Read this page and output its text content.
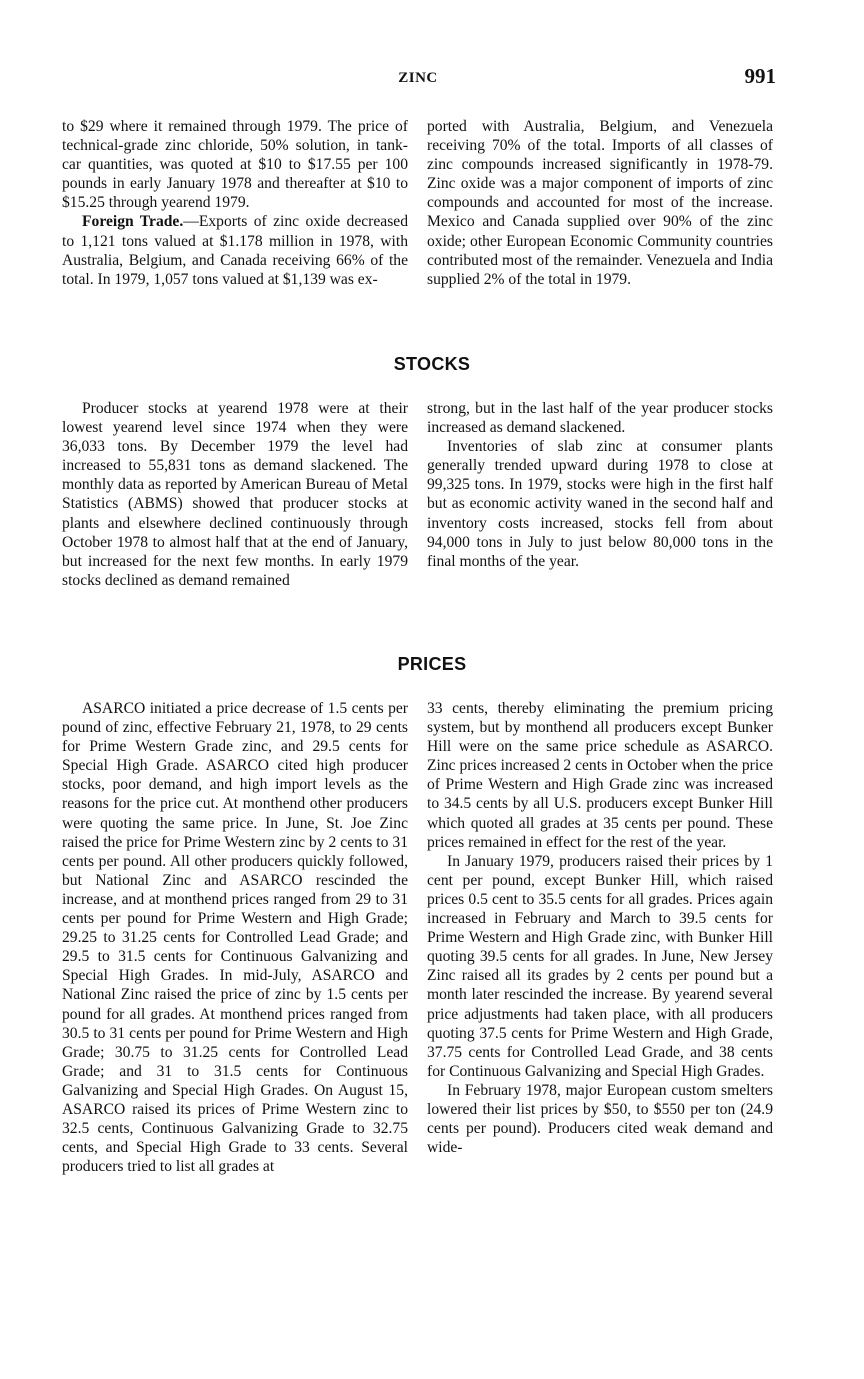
ZINC	991

to $29 where it remained through 1979. The price of technical-grade zinc chloride, 50% solution, in tank-car quantities, was quoted at $10 to $17.55 per 100 pounds in early January 1978 and thereafter at $10 to $15.25 through yearend 1979.

Foreign Trade.—Exports of zinc oxide decreased to 1,121 tons valued at $1.178 million in 1978, with Australia, Belgium, and Canada receiving 66% of the total. In 1979, 1,057 tons valued at $1,139 was ex-

ported with Australia, Belgium, and Venezuela receiving 70% of the total. Imports of all classes of zinc compounds increased significantly in 1978-79. Zinc oxide was a major component of imports of zinc compounds and accounted for most of the increase. Mexico and Canada supplied over 90% of the zinc oxide; other European Economic Community countries contributed most of the remainder. Venezuela and India supplied 2% of the total in 1979.

STOCKS

Producer stocks at yearend 1978 were at their lowest yearend level since 1974 when they were 36,033 tons. By December 1979 the level had increased to 55,831 tons as demand slackened. The monthly data as reported by American Bureau of Metal Statistics (ABMS) showed that producer stocks at plants and elsewhere declined continuously through October 1978 to almost half that at the end of January, but increased for the next few months. In early 1979 stocks declined as demand remained

strong, but in the last half of the year producer stocks increased as demand slackened.

Inventories of slab zinc at consumer plants generally trended upward during 1978 to close at 99,325 tons. In 1979, stocks were high in the first half but as economic activity waned in the second half and inventory costs increased, stocks fell from about 94,000 tons in July to just below 80,000 tons in the final months of the year.

PRICES

ASARCO initiated a price decrease of 1.5 cents per pound of zinc, effective February 21, 1978, to 29 cents for Prime Western Grade zinc, and 29.5 cents for Special High Grade. ASARCO cited high producer stocks, poor demand, and high import levels as the reasons for the price cut. At monthend other producers were quoting the same price. In June, St. Joe Zinc raised the price for Prime Western zinc by 2 cents to 31 cents per pound. All other producers quickly followed, but National Zinc and ASARCO rescinded the increase, and at monthend prices ranged from 29 to 31 cents per pound for Prime Western and High Grade; 29.25 to 31.25 cents for Controlled Lead Grade; and 29.5 to 31.5 cents for Continuous Galvanizing and Special High Grades. In mid-July, ASARCO and National Zinc raised the price of zinc by 1.5 cents per pound for all grades. At monthend prices ranged from 30.5 to 31 cents per pound for Prime Western and High Grade; 30.75 to 31.25 cents for Controlled Lead Grade; and 31 to 31.5 cents for Continuous Galvanizing and Special High Grades. On August 15, ASARCO raised its prices of Prime Western zinc to 32.5 cents, Continuous Galvanizing Grade to 32.75 cents, and Special High Grade to 33 cents. Several producers tried to list all grades at

33 cents, thereby eliminating the premium pricing system, but by monthend all producers except Bunker Hill were on the same price schedule as ASARCO. Zinc prices increased 2 cents in October when the price of Prime Western and High Grade zinc was increased to 34.5 cents by all U.S. producers except Bunker Hill which quoted all grades at 35 cents per pound. These prices remained in effect for the rest of the year.

In January 1979, producers raised their prices by 1 cent per pound, except Bunker Hill, which raised prices 0.5 cent to 35.5 cents for all grades. Prices again increased in February and March to 39.5 cents for Prime Western and High Grade zinc, with Bunker Hill quoting 39.5 cents for all grades. In June, New Jersey Zinc raised all its grades by 2 cents per pound but a month later rescinded the increase. By yearend several price adjustments had taken place, with all producers quoting 37.5 cents for Prime Western and High Grade, 37.75 cents for Controlled Lead Grade, and 38 cents for Continuous Galvanizing and Special High Grades.

In February 1978, major European custom smelters lowered their list prices by $50, to $550 per ton (24.9 cents per pound). Producers cited weak demand and wide-
